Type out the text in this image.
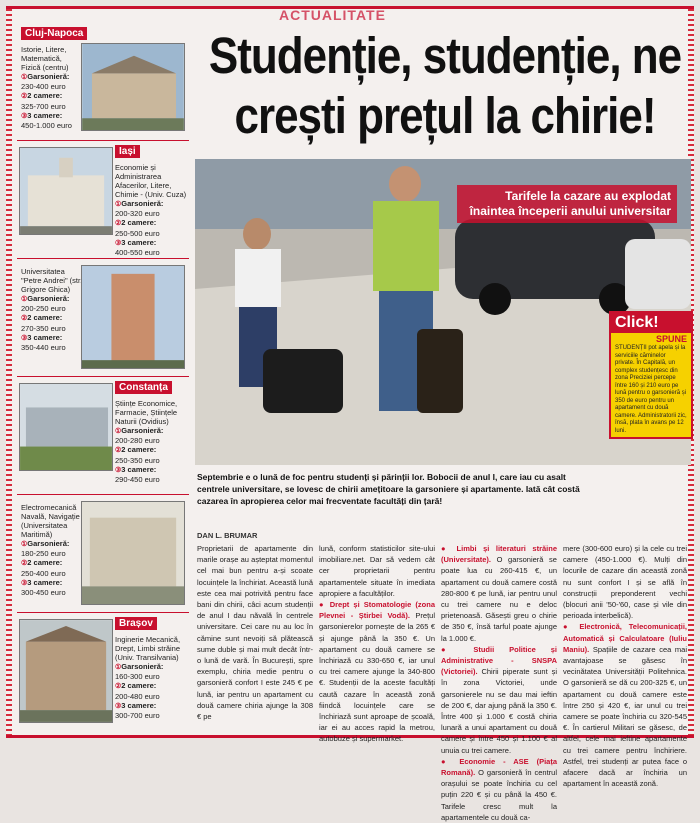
ACTUALITATE
Cluj-Napoca
Istorie, Litere, Matematică, Fizică (centru)

① Garsonieră:
230-400 euro
② 2 camere:
325-700 euro
③ 3 camere:
450-1.000 euro
Iași
Economie și Administrarea Afacerilor, Litere, Chimie - (Univ. Cuza)

① Garsonieră:
200-320 euro
② 2 camere:
250-500 euro
③ 3 camere:
400-550 euro
Universitatea "Petre Andrei" (str. Grigore Ghica)

① Garsonieră:
200-250 euro
② 2 camere:
270-350 euro
③ 3 camere:
350-440 euro
Constanța
Științe Economice, Farmacie, Științele Naturii (Ovidius)

① Garsonieră:
200-280 euro
② 2 camere:
250-350 euro
③ 3 camere:
290-450 euro
Electromecanică Navală, Navigație (Universitatea Maritimă)

① Garsonieră:
180-250 euro
② 2 camere:
250-400 euro
③ 3 camere:
300-450 euro
Brașov
Inginerie Mecanică, Drept, Limbi străine (Univ. Transilvania)

① Garsonieră:
160-300 euro
② 2 camere:
200-480 euro
③ 3 camere:
300-700 euro
Studenție, studenție, ne
crești prețul la chirie!
Tarifele la cazare au explodat înaintea începerii anului universitar
Click!
SPUNE

STUDENȚII pot apela și la serviciile căminelor private. În Capitală, un complex studențesc din zona Preciziei percepe între 160 și 210 euro pe lună pentru o garsonieră și 350 de euro pentru un apartament cu două camere. Administratorii zic, însă, plata în avans pe 12 luni.

Septembrie e o lună de foc pentru studenți și părinții lor. Bobocii de anul I, care iau cu asalt centrele universitare, se lovesc de chirii amețitoare la garsoniere și apartamente. Iată cât costă cazarea în apropierea celor mai frecventate facultăți din țară!

DAN L. BRUMAR
Proprietarii de apartamente din marile orașe au așteptat momentul cel mai bun pentru a-și scoate locuințele la închiriat. Această lună este cea mai potrivită pentru face bani din chirii, câci acum studenții de anul I dau năvală în centrele universitare. Cei care nu au loc în cămine sunt nevoiți să plătească sume duble și mai mult decât într-o lună de vară. În București, spre exemplu, chiria medie pentru o garsonieră confort I este 245 € pe lună, iar pentru un apartament cu două camere chiria ajunge la 308 € pe
lună, conform statisticilor site-ului imobiliare.net. Dar să vedem cât cer proprietarii pentru apartamentele situate în imediata apropiere a facultăților.
● Drept și Stomatologie (zona Plevnei - Știrbei Vodă). Prețul garsonierelor pornește de la 265 € și ajunge până la 350 €. Un apartament cu două camere se închiriază cu 330-650 €, iar unul cu trei camere ajunge la 340-800 €. Studenții de la aceste facultăți caută cazare în această zonă fiindcă locuințele care se închiriază sunt aproape de școală, iar ei au acces rapid la metrou, autobuze și supermarket.
● Limbi și literaturi străine (Universitate). O garsonieră se poate lua cu 260-415 €, un apartament cu două camere costă 280-800 € pe lună, iar pentru unul cu trei camere nu e deloc prietenoasă. Găsești greu o chirie de 350 €, însă tarful poate ajunge la 1.000 €.
● Studii Politice și Administrative - SNSPA (Victoriei). Chirii piperate sunt și în zona Victoriei, unde garsonierele nu se dau mai ieftin de 200 €, dar ajung până la 350 €. Între 400 și 1.000 € costă chiria lunară a unui apartament cu două camere și între 450 și 1.100 € al unuia cu trei camere.
● Economie - ASE (Piața Romană). O garsonieră în centrul orașului se poate închiria cu cel puțin 220 € și cu până la 450 €. Tarifele cresc mult la apartamentele cu două ca-
mere (300-600 euro) și la cele cu trei camere (450-1.000 €). Mulți din locurile de cazare din această zonă nu sunt confort I și se află în construcții preponderent vechi (blocuri anii '50-'60, case și vile din perioada interbelică).
● Electronică, Telecomunicații, Automatică și Calculatoare (Iuliu Maniu). Spațiile de cazare cea mai avantajoase se găsesc în vecinătatea Universității Politehnica. O garsonieră se dă cu 200-325 €, un apartament cu două camere este între 250 și 420 €, iar unul cu trei camere se poate închiria cu 320-545 €. În cartierul Militari se găsesc, de altfel, cele mai ieftine apartamente cu trei camere pentru închiriere. Astfel, trei studenți ar putea face o afacere dacă ar închiria un apartament în această zonă.
